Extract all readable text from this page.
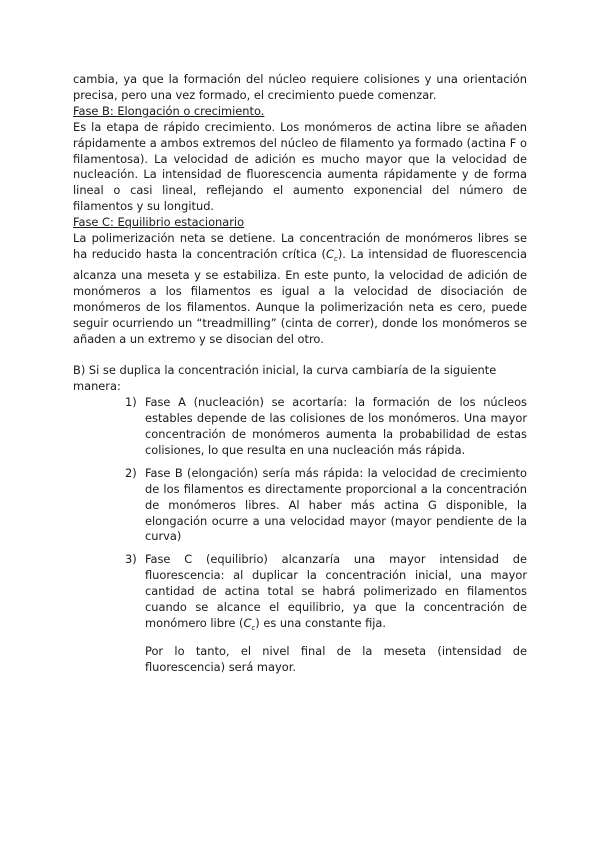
cambia, ya que la formación del núcleo requiere colisiones y una orientación precisa, pero una vez formado, el crecimiento puede comenzar.

Fase B: Elongación o crecimiento.

Es la etapa de rápido crecimiento. Los monómeros de actina libre se añaden rápidamente a ambos extremos del núcleo de filamento ya formado (actina F o filamentosa). La velocidad de adición es mucho mayor que la velocidad de nucleación. La intensidad de fluorescencia aumenta rápidamente y de forma lineal o casi lineal, reflejando el aumento exponencial del número de filamentos y su longitud.

Fase C: Equilibrio estacionario

La polimerización neta se detiene. La concentración de monómeros libres se ha reducido hasta la concentración crítica $(C_c)$. La intensidad de fluorescencia alcanza una meseta y se estabiliza. En este punto, la velocidad de adición de monómeros a los filamentos es igual a la velocidad de disociación de monómeros de los filamentos. Aunque la polimerización neta es cero, puede seguir ocurriendo un “treadmilling” (cinta de correr), donde los monómeros se añaden a un extremo y se disocian del otro.

B) Si se duplica la concentración inicial, la curva cambiaría de la siguiente manera:

1) Fase A (nucleación) se acortaría: la formación de los núcleos estables depende de las colisiones de los monómeros. Una mayor concentración de monómeros aumenta la probabilidad de estas colisiones, lo que resulta en una nucleación más rápida.
2) Fase B (elongación) sería más rápida: la velocidad de crecimiento de los filamentos es directamente proporcional a la concentración de monómeros libres. Al haber más actina G disponible, la elongación ocurre a una velocidad mayor (mayor pendiente de la curva)
3) Fase C (equilibrio) alcanzaría una mayor intensidad de fluorescencia: al duplicar la concentración inicial, una mayor cantidad de actina total se habrá polimerizado en filamentos cuando se alcance el equilibrio, ya que la concentración de monómero libre $(C_c)$ es una constante fija.

Por lo tanto, el nivel final de la meseta (intensidad de fluorescencia) será mayor.
